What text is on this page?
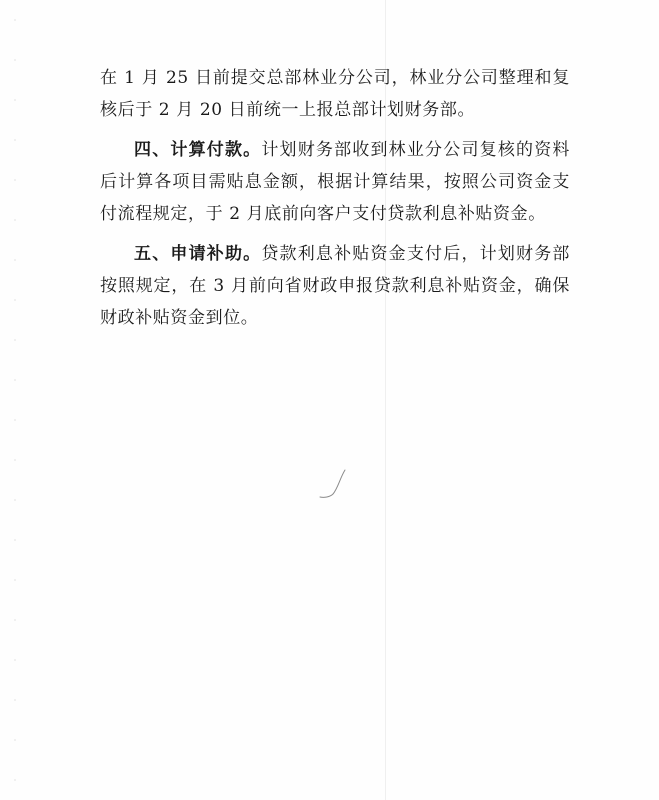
在 1 月 25 日前提交总部林业分公司，林业分公司整理和复核后于 2 月 20 日前统一上报总部计划财务部。

四、计算付款。计划财务部收到林业分公司复核的资料后计算各项目需贴息金额，根据计算结果，按照公司资金支付流程规定，于 2 月底前向客户支付贷款利息补贴资金。

五、申请补助。贷款利息补贴资金支付后，计划财务部按照规定，在 3 月前向省财政申报贷款利息补贴资金，确保财政补贴资金到位。
